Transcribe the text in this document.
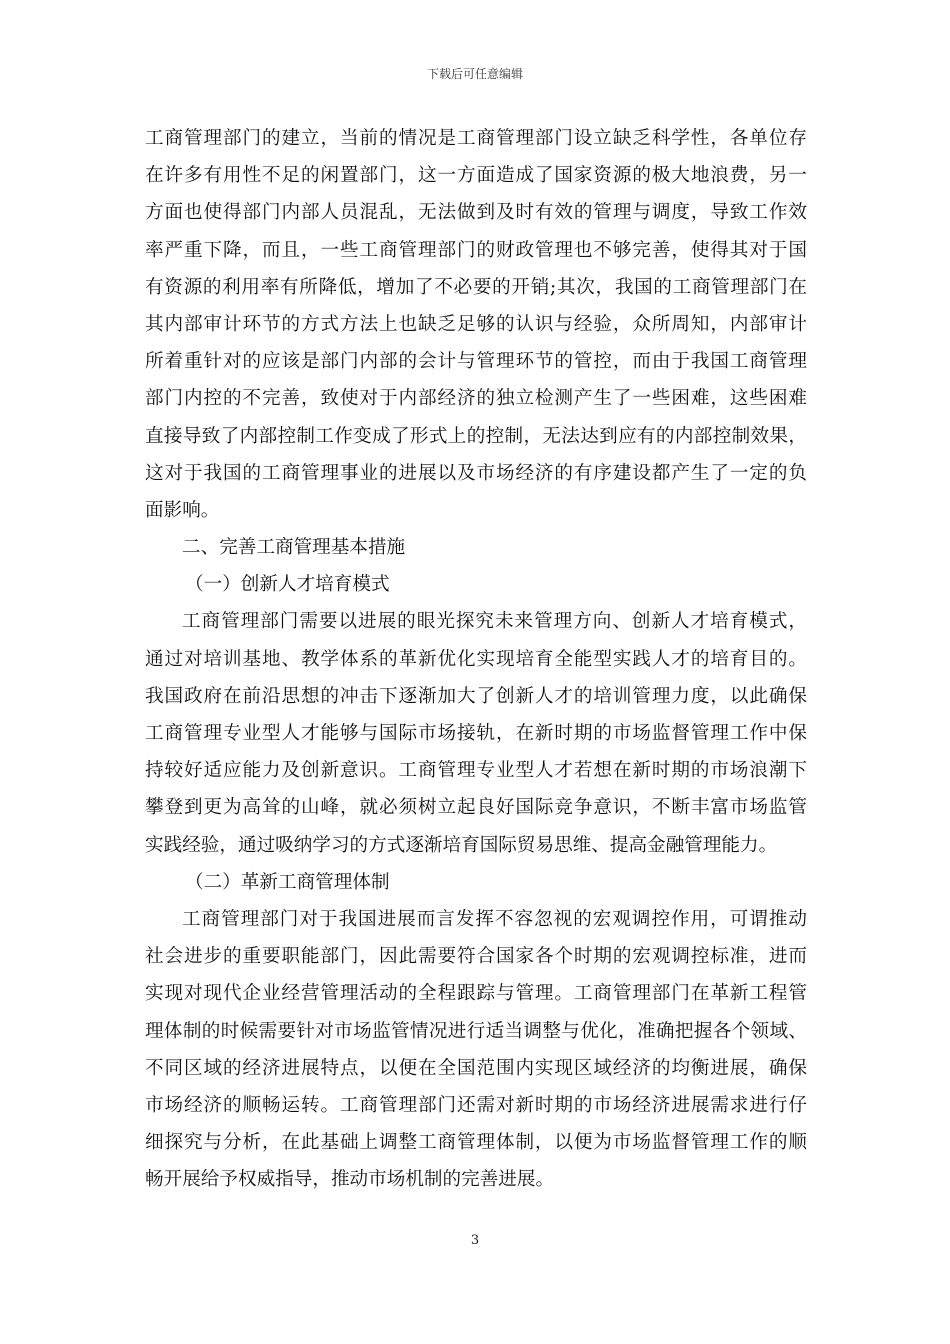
下载后可任意编辑
工商管理部门的建立，当前的情况是工商管理部门设立缺乏科学性，各单位存
在许多有用性不足的闲置部门，这一方面造成了国家资源的极大地浪费，另一
方面也使得部门内部人员混乱，无法做到及时有效的管理与调度，导致工作效
率严重下降，而且，一些工商管理部门的财政管理也不够完善，使得其对于国
有资源的利用率有所降低，增加了不必要的开销;其次，我国的工商管理部门在
其内部审计环节的方式方法上也缺乏足够的认识与经验，众所周知，内部审计
所着重针对的应该是部门内部的会计与管理环节的管控，而由于我国工商管理
部门内控的不完善，致使对于内部经济的独立检测产生了一些困难，这些困难
直接导致了内部控制工作变成了形式上的控制，无法达到应有的内部控制效果，
这对于我国的工商管理事业的进展以及市场经济的有序建设都产生了一定的负
面影响。
二、完善工商管理基本措施
（一）创新人才培育模式
工商管理部门需要以进展的眼光探究未来管理方向、创新人才培育模式，
通过对培训基地、教学体系的革新优化实现培育全能型实践人才的培育目的。
我国政府在前沿思想的冲击下逐渐加大了创新人才的培训管理力度，以此确保
工商管理专业型人才能够与国际市场接轨，在新时期的市场监督管理工作中保
持较好适应能力及创新意识。工商管理专业型人才若想在新时期的市场浪潮下
攀登到更为高耸的山峰，就必须树立起良好国际竞争意识，不断丰富市场监管
实践经验，通过吸纳学习的方式逐渐培育国际贸易思维、提高金融管理能力。
（二）革新工商管理体制
工商管理部门对于我国进展而言发挥不容忽视的宏观调控作用，可谓推动
社会进步的重要职能部门，因此需要符合国家各个时期的宏观调控标准，进而
实现对现代企业经营管理活动的全程跟踪与管理。工商管理部门在革新工程管
理体制的时候需要针对市场监管情况进行适当调整与优化，准确把握各个领域、
不同区域的经济进展特点，以便在全国范围内实现区域经济的均衡进展，确保
市场经济的顺畅运转。工商管理部门还需对新时期的市场经济进展需求进行仔
细探究与分析，在此基础上调整工商管理体制，以便为市场监督管理工作的顺
畅开展给予权威指导，推动市场机制的完善进展。
3
